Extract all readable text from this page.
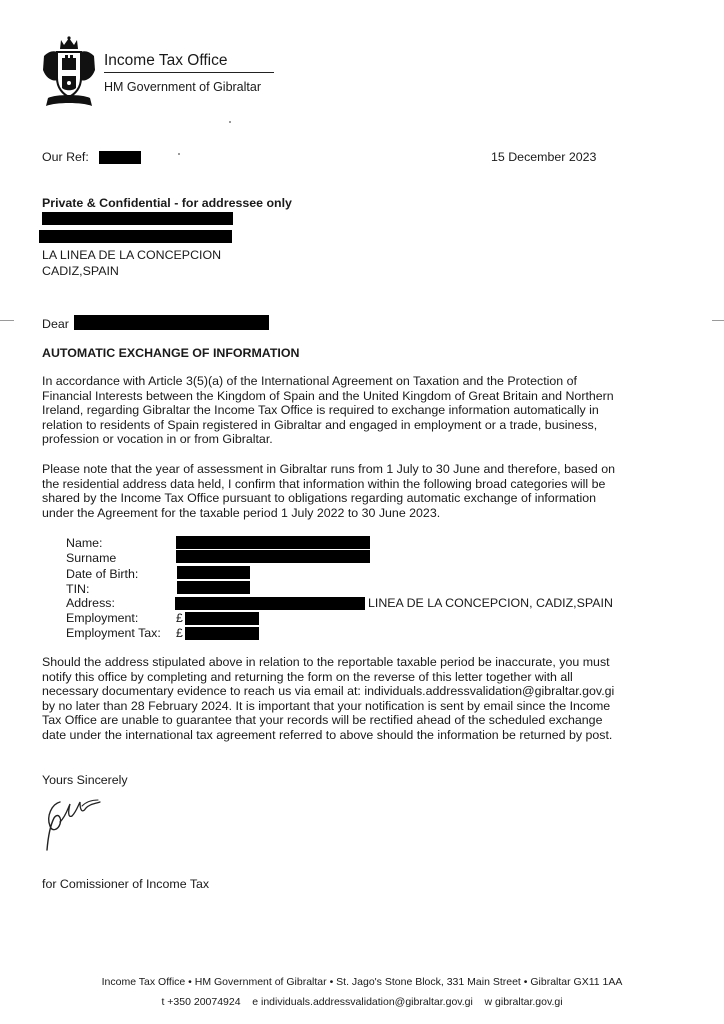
Income Tax Office
HM Government of Gibraltar
Our Ref:	15 December 2023
Private & Confidential - for addressee only
LA LINEA DE LA CONCEPCION
CADIZ,SPAIN
Dear
AUTOMATIC EXCHANGE OF INFORMATION
In accordance with Article 3(5)(a) of the International Agreement on Taxation and the Protection of
Financial Interests between the Kingdom of Spain and the United Kingdom of Great Britain and Northern
Ireland, regarding Gibraltar the Income Tax Office is required to exchange information automatically in
relation to residents of Spain registered in Gibraltar and engaged in employment or a trade, business,
profession or vocation in or from Gibraltar.
Please note that the year of assessment in Gibraltar runs from 1 July to 30 June and therefore, based on
the residential address data held, I confirm that information within the following broad categories will be
shared by the Income Tax Office pursuant to obligations regarding automatic exchange of information
under the Agreement for the taxable period 1 July 2022 to 30 June 2023.
Name:
Surname
Date of Birth:
TIN:
Address:	LINEA DE LA CONCEPCION, CADIZ,SPAIN
Employment:	£
Employment Tax: £
Should the address stipulated above in relation to the reportable taxable period be inaccurate, you must
notify this office by completing and returning the form on the reverse of this letter together with all
necessary documentary evidence to reach us via email at: individuals.addressvalidation@gibraltar.gov.gi
by no later than 28 February 2024. It is important that your notification is sent by email since the Income
Tax Office are unable to guarantee that your records will be rectified ahead of the scheduled exchange
date under the international tax agreement referred to above should the information be returned by post.
Yours Sincerely
for Comissioner of Income Tax
Income Tax Office • HM Government of Gibraltar • St. Jago's Stone Block, 331 Main Street • Gibraltar GX11 1AA
t +350 20074924 e individuals.addressvalidation@gibraltar.gov.gi w gibraltar.gov.gi
